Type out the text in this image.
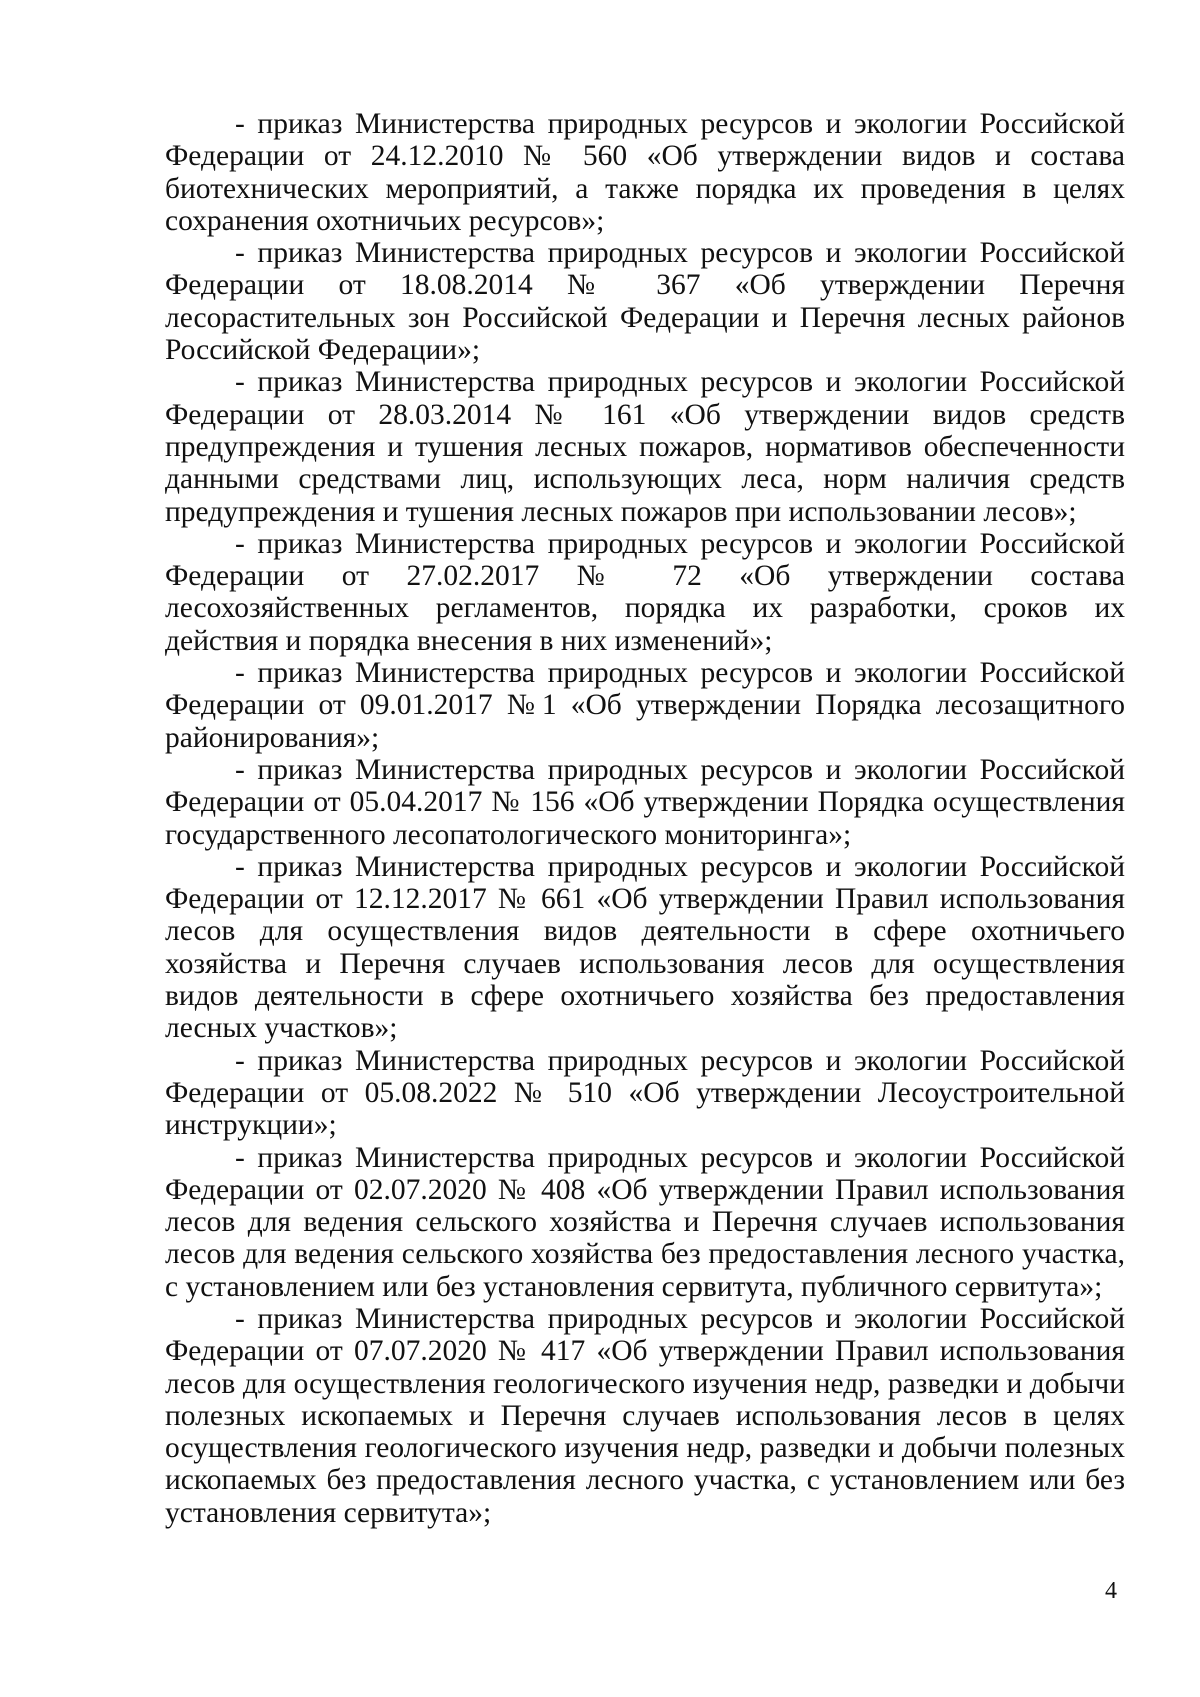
- приказ Министерства природных ресурсов и экологии Российской Федерации от 24.12.2010 № 560 «Об утверждении видов и состава биотехнических мероприятий, а также порядка их проведения в целях сохранения охотничьих ресурсов»;

- приказ Министерства природных ресурсов и экологии Российской Федерации от 18.08.2014 № 367 «Об утверждении Перечня лесорастительных зон Российской Федерации и Перечня лесных районов Российской Федерации»;

- приказ Министерства природных ресурсов и экологии Российской Федерации от 28.03.2014 № 161 «Об утверждении видов средств предупреждения и тушения лесных пожаров, нормативов обеспеченности данными средствами лиц, использующих леса, норм наличия средств предупреждения и тушения лесных пожаров при использовании лесов»;

- приказ Министерства природных ресурсов и экологии Российской Федерации от 27.02.2017 № 72 «Об утверждении состава лесохозяйственных регламентов, порядка их разработки, сроков их действия и порядка внесения в них изменений»;

- приказ Министерства природных ресурсов и экологии Российской Федерации от 09.01.2017 №1 «Об утверждении Порядка лесозащитного районирования»;

- приказ Министерства природных ресурсов и экологии Российской Федерации от 05.04.2017 № 156 «Об утверждении Порядка осуществления государственного лесопатологического мониторинга»;

- приказ Министерства природных ресурсов и экологии Российской Федерации от 12.12.2017 № 661 «Об утверждении Правил использования лесов для осуществления видов деятельности в сфере охотничьего хозяйства и Перечня случаев использования лесов для осуществления видов деятельности в сфере охотничьего хозяйства без предоставления лесных участков»;

- приказ Министерства природных ресурсов и экологии Российской Федерации от 05.08.2022 № 510 «Об утверждении Лесоустроительной инструкции»;

- приказ Министерства природных ресурсов и экологии Российской Федерации от 02.07.2020 № 408 «Об утверждении Правил использования лесов для ведения сельского хозяйства и Перечня случаев использования лесов для ведения сельского хозяйства без предоставления лесного участка, с установлением или без установления сервитута, публичного сервитута»;

- приказ Министерства природных ресурсов и экологии Российской Федерации от 07.07.2020 № 417 «Об утверждении Правил использования лесов для осуществления геологического изучения недр, разведки и добычи полезных ископаемых и Перечня случаев использования лесов в целях осуществления геологического изучения недр, разведки и добычи полезных ископаемых без предоставления лесного участка, с установлением или без установления сервитута»;

4
